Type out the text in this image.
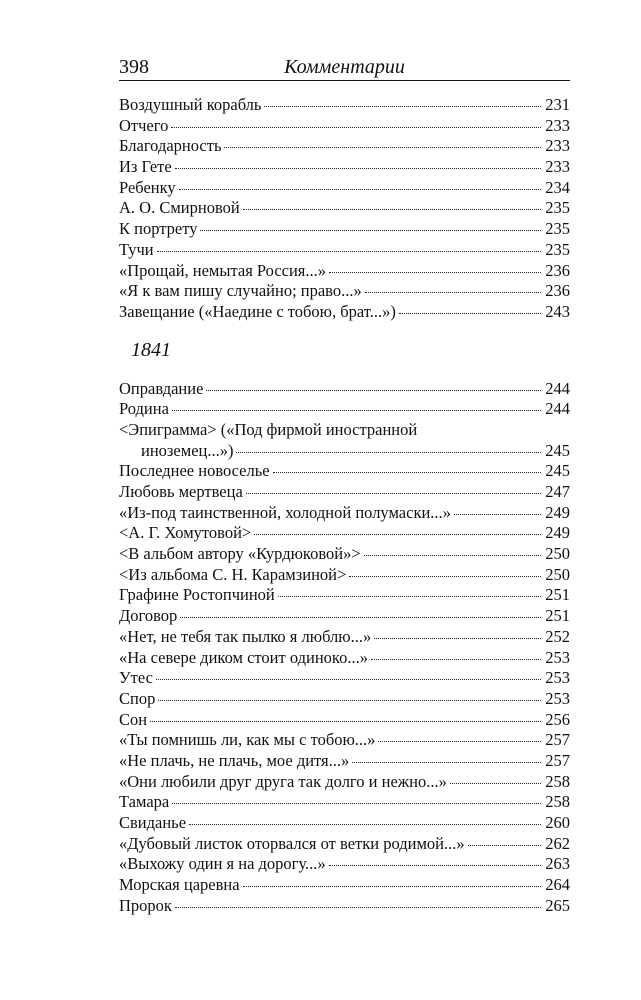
398	Комментарии
Воздушный корабль	231
Отчего	233
Благодарность	233
Из Гете	233
Ребенку	234
А. О. Смирновой	235
К портрету	235
Тучи	235
«Прощай, немытая Россия...»	236
«Я к вам пишу случайно; право...»	236
Завещание («Наедине с тобою, брат...»)	243
1841
Оправдание	244
Родина	244
<Эпиграмма> («Под фирмой иностранной
иноземец...»)	245
Последнее новоселье	245
Любовь мертвеца	247
«Из-под таинственной, холодной полумаски...»	249
<А. Г. Хомутовой>	249
<В альбом автору «Курдюковой»>	250
<Из альбома С. Н. Карамзиной>	250
Графине Ростопчиной	251
Договор	251
«Нет, не тебя так пылко я люблю...»	252
«На севере диком стоит одиноко...»	253
Утес	253
Спор	253
Сон	256
«Ты помнишь ли, как мы с тобою...»	257
«Не плачь, не плачь, мое дитя...»	257
«Они любили друг друга так долго и нежно...»	258
Тамара	258
Свиданье	260
«Дубовый листок оторвался от ветки родимой...»	262
«Выхожу один я на дорогу...»	263
Морская царевна	264
Пророк	265
